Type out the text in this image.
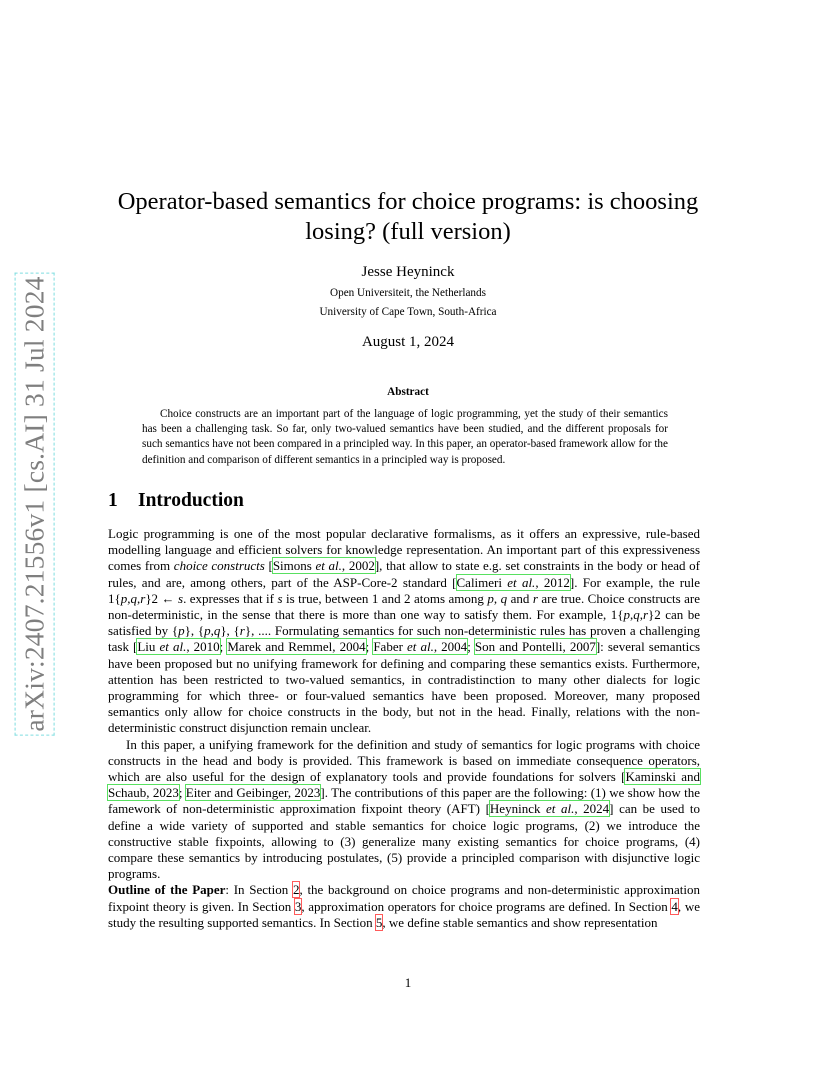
arXiv:2407.21556v1 [cs.AI] 31 Jul 2024
Operator-based semantics for choice programs: is choosing
losing? (full version)
Jesse Heyninck
Open Universiteit, the Netherlands
University of Cape Town, South-Africa
August 1, 2024
Abstract

Choice constructs are an important part of the language of logic programming, yet the study of their semantics has been a challenging task. So far, only two-valued semantics have been studied, and the different proposals for such semantics have not been compared in a principled way. In this paper, an operator-based framework allow for the definition and comparison of different semantics in a principled way is proposed.

1 Introduction

Logic programming is one of the most popular declarative formalisms, as it offers an expressive, rule-based modelling language and efficient solvers for knowledge representation. An important part of this expressiveness comes from choice constructs [Simons et al., 2002], that allow to state e.g. set constraints in the body or head of rules, and are, among others, part of the ASP-Core-2 standard [Calimeri et al., 2012]. For example, the rule 1{p,q,r}2 ← s. expresses that if s is true, between 1 and 2 atoms among p, q and r are true. Choice constructs are non-deterministic, in the sense that there is more than one way to satisfy them. For example, 1{p,q,r}2 can be satisfied by {p}, {p,q}, {r}, .... Formulating semantics for such non-deterministic rules has proven a challenging task [Liu et al., 2010; Marek and Remmel, 2004; Faber et al., 2004; Son and Pontelli, 2007]: several semantics have been proposed but no unifying framework for defining and comparing these semantics exists. Furthermore, attention has been restricted to two-valued semantics, in contradistinction to many other dialects for logic programming for which three- or four-valued semantics have been proposed. Moreover, many proposed semantics only allow for choice constructs in the body, but not in the head. Finally, relations with the non-deterministic construct disjunction remain unclear.

In this paper, a unifying framework for the definition and study of semantics for logic programs with choice constructs in the head and body is provided. This framework is based on immediate consequence operators, which are also useful for the design of explanatory tools and provide foundations for solvers [Kaminski and Schaub, 2023; Eiter and Geibinger, 2023]. The contributions of this paper are the following: (1) we show how the famework of non-deterministic approximation fixpoint theory (AFT) [Heyninck et al., 2024] can be used to define a wide variety of supported and stable semantics for choice logic programs, (2) we introduce the constructive stable fixpoints, allowing to (3) generalize many existing semantics for choice programs, (4) compare these semantics by introducing postulates, (5) provide a principled comparison with disjunctive logic programs.

Outline of the Paper: In Section 2, the background on choice programs and non-deterministic approximation fixpoint theory is given. In Section 3, approximation operators for choice programs are defined. In Section 4, we study the resulting supported semantics. In Section 5, we define stable semantics and show representation

1
